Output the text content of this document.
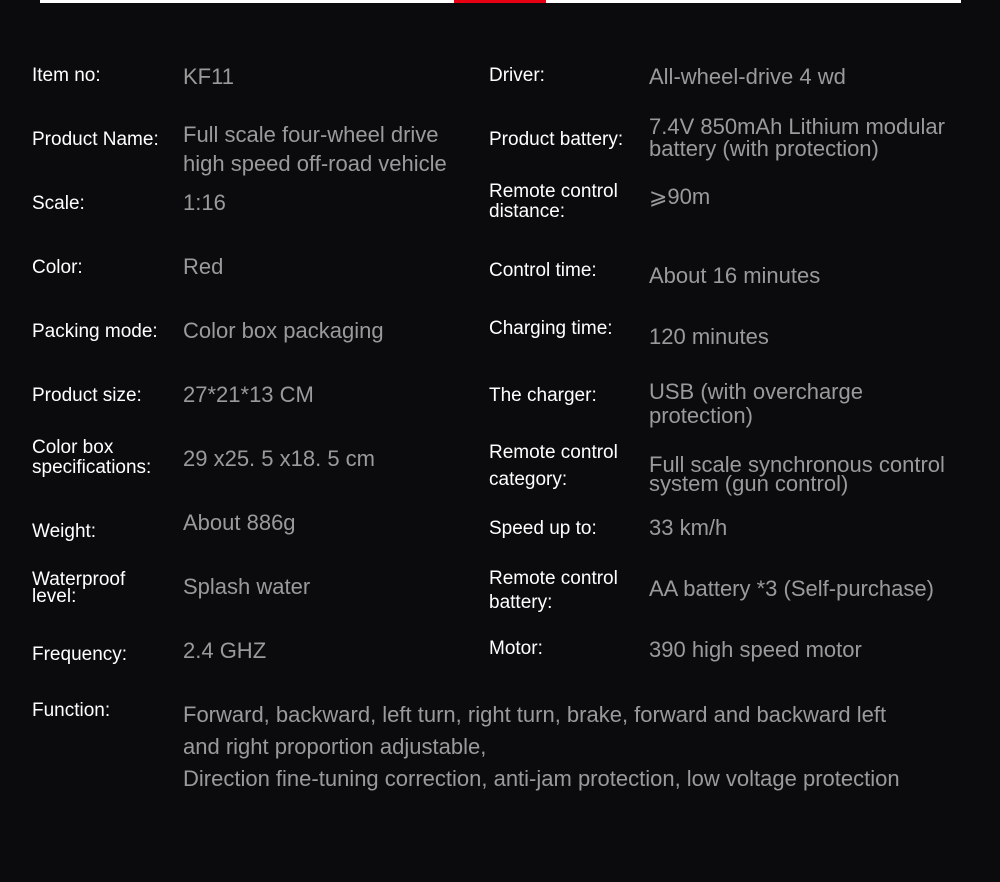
Item no:	KF11
Product Name: Full scale four-wheel drive
high speed off-road vehicle
Scale:	1:16
Color:	Red
Packing mode: Color box packaging
Product size: 27*21*13 CM
Color box
specifications: 29 x25. 5 x18. 5 cm
Weight:	About 886g
Waterproof
level:	Splash water
Frequency:	2.4 GHZ
Driver:	All-wheel-drive 4 wd
Product battery:
7.4V 850mAh Lithium modular
battery (with protection)
Remote control
distance:
⩾90m
Control time: About 16 minutes
Charging time: 120 minutes
The charger: USB (with overcharge
protection)
Remote control
category:
Full scale synchronous control
system (gun control)
Speed up to: 33 km/h
Remote control
battery:
AA battery *3 (Self-purchase)
Motor:	390 high speed motor
Function:	Forward, backward, left turn, right turn, brake, forward and backward left
and right proportion adjustable,
Direction fine-tuning correction, anti-jam protection, low voltage protection
